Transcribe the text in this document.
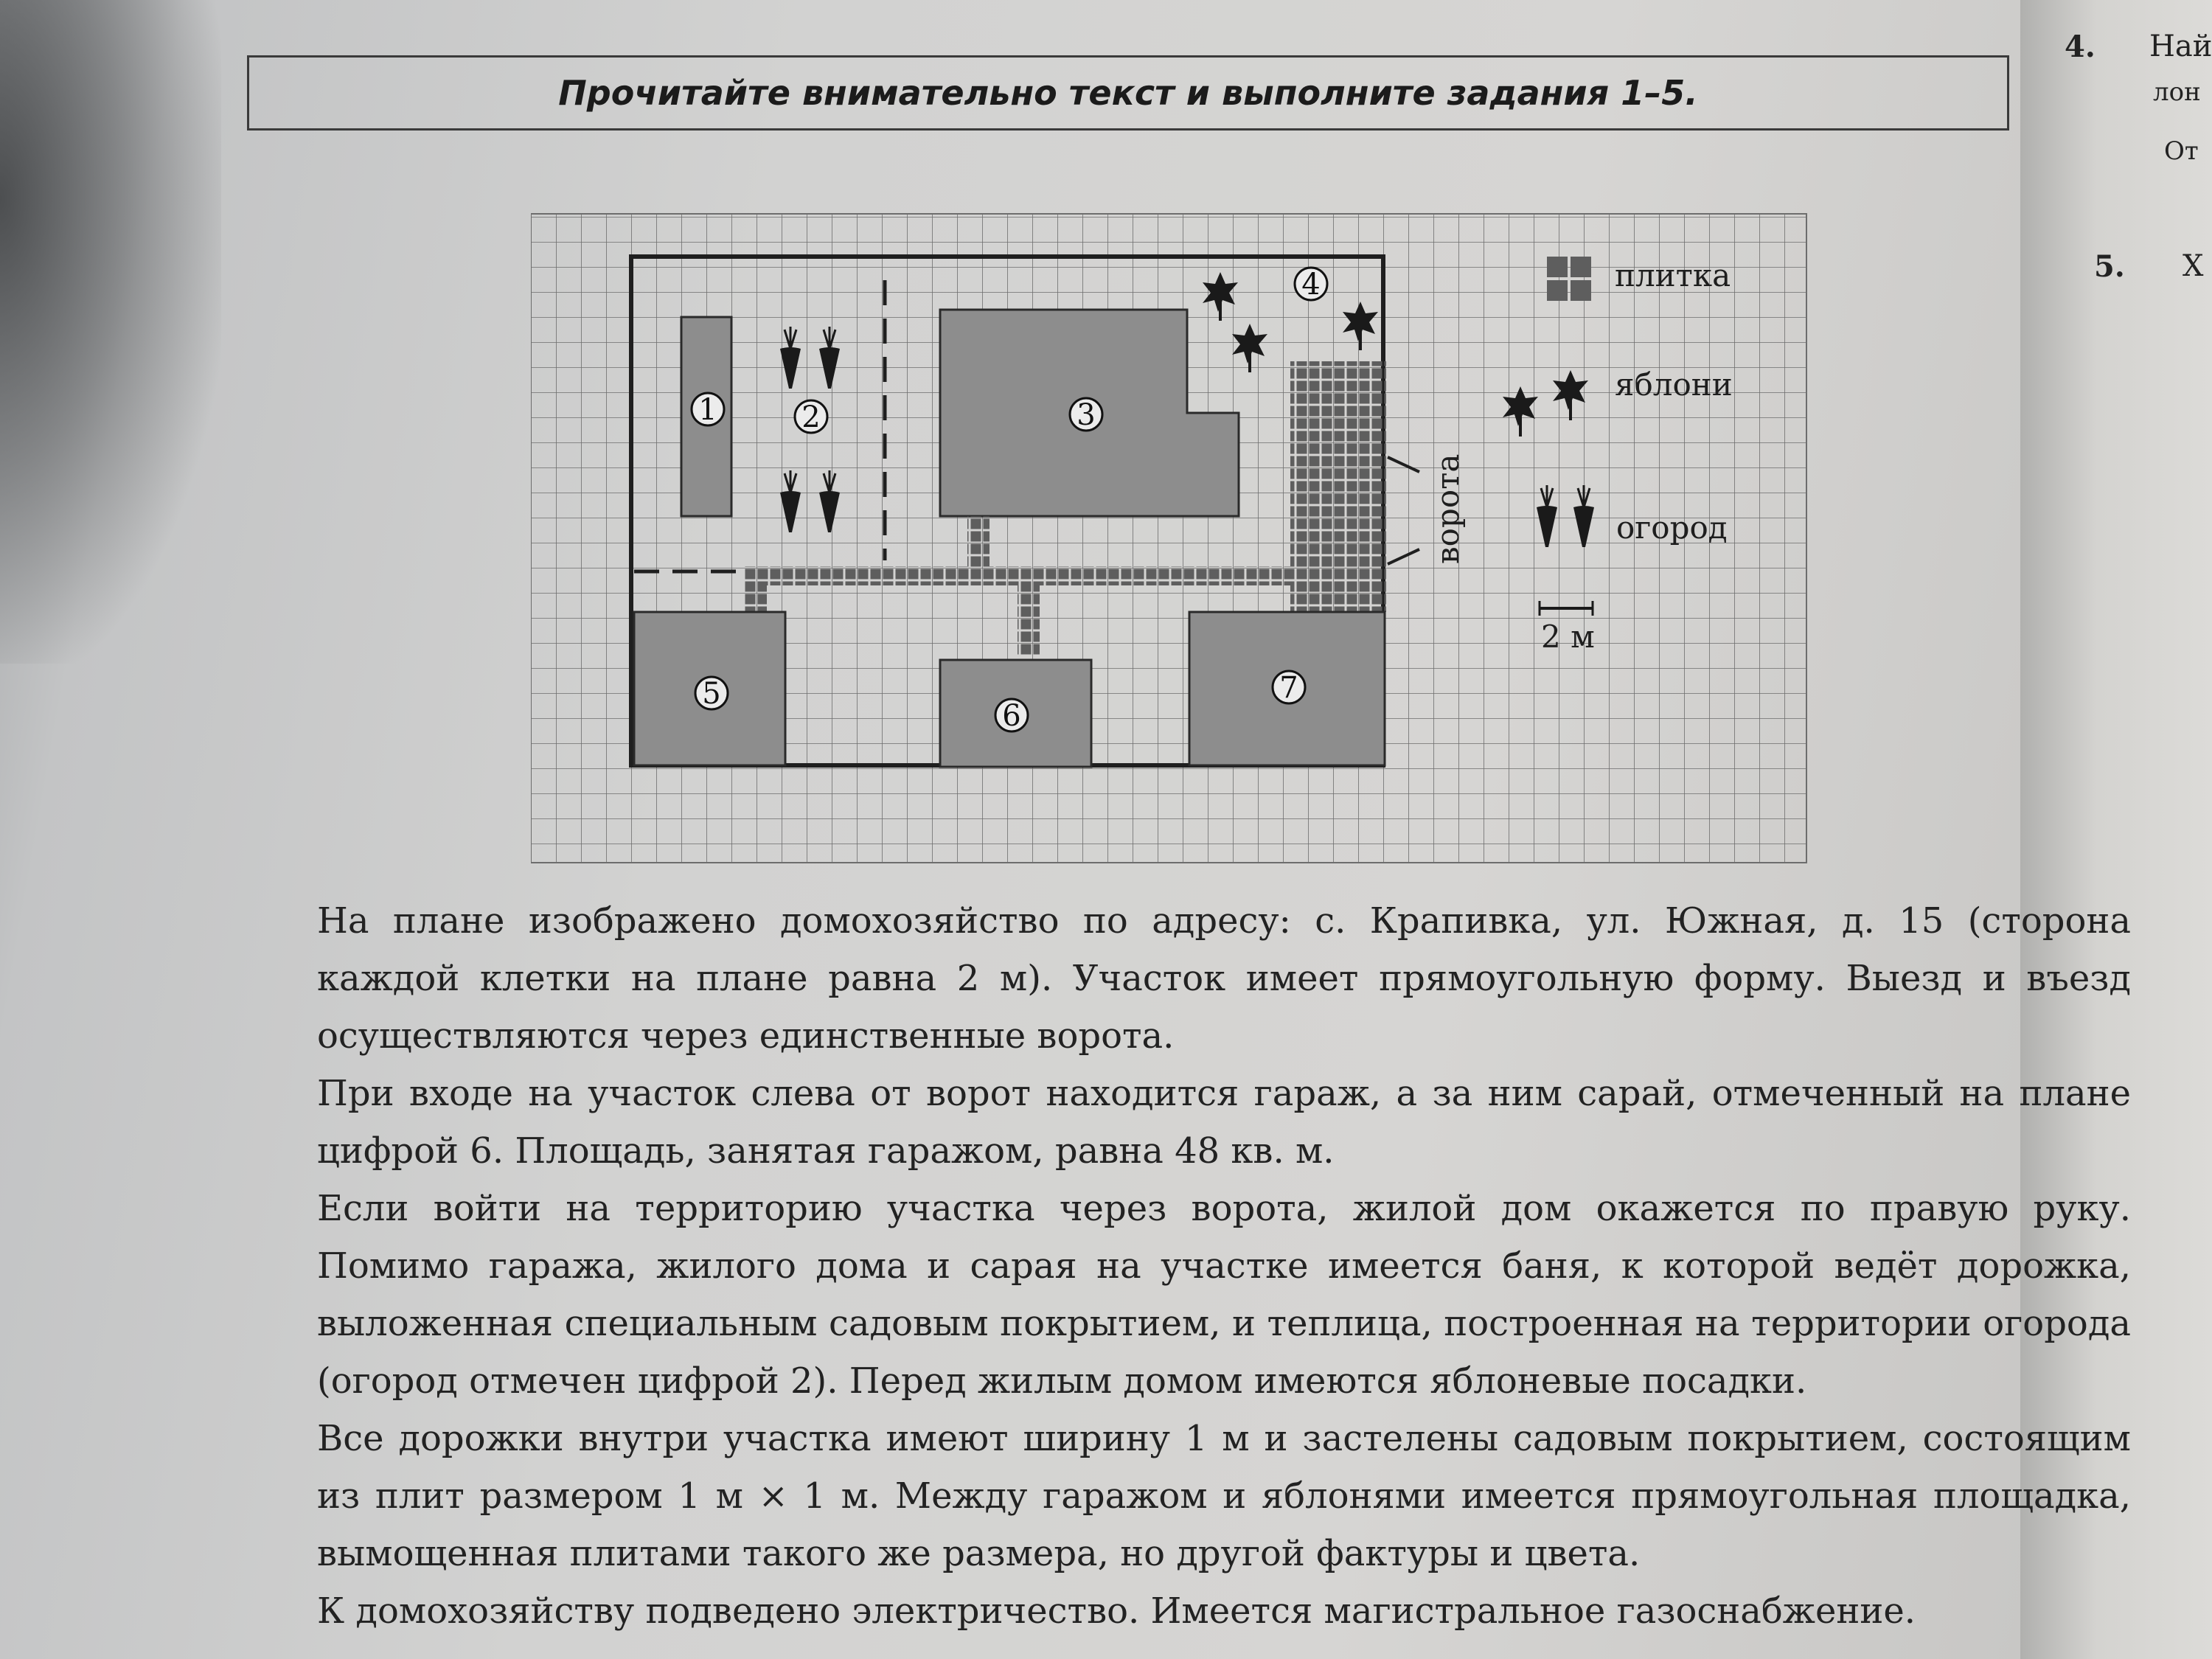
Прочитайте внимательно текст и выполните задания 1–5.
4. Най
лон
От
5. Х
1	2	3
4
5
6
7
ворота
плитка
яблони
огород
2 м

На плане изображено домохозяйство по адресу: с. Крапивка, ул. Южная, д. 15 (сторона каждой клетки на плане равна 2 м). Участок имеет прямоугольную форму. Выезд и въезд осуществляются через единственные ворота.

При входе на участок слева от ворот находится гараж, а за ним сарай, отмеченный на плане цифрой 6. Площадь, занятая гаражом, равна 48 кв. м.

Если войти на территорию участка через ворота, жилой дом окажется по правую руку. Помимо гаража, жилого дома и сарая на участке имеется баня, к которой ведёт дорожка, выложенная специальным садовым покрытием, и теплица, построенная на территории огорода (огород отмечен цифрой 2). Перед жилым домом имеются яблоневые посадки.

Все дорожки внутри участка имеют ширину 1 м и застелены садовым покрытием, состоящим из плит размером 1 м × 1 м. Между гаражом и яблонями имеется прямоугольная площадка, вымощенная плитами такого же размера, но другой фактуры и цвета.

К домохозяйству подведено электричество. Имеется магистральное газоснабжение.
